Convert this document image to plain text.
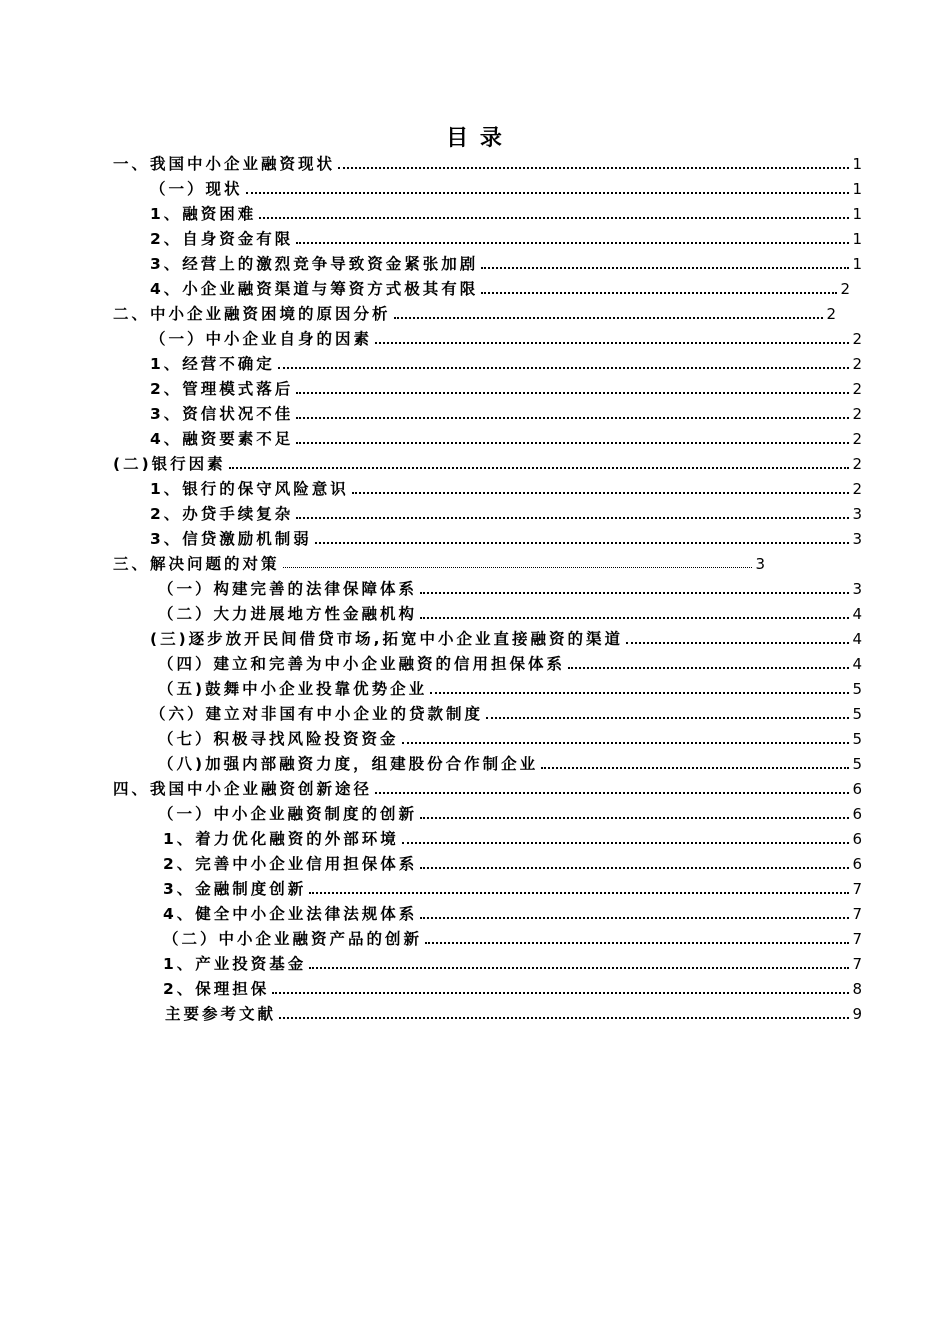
目 录
一、我国中小企业融资现状	1
（一）现状	1
1、融资困难	1
2、自身资金有限	1
3、经营上的激烈竞争导致资金紧张加剧	1
4、小企业融资渠道与筹资方式极其有限	2
二、中小企业融资困境的原因分析	2
（一）中小企业自身的因素	2
1、经营不确定	2
2、管理模式落后	2
3、资信状况不佳	2
4、融资要素不足	2
(二)银行因素	2
1、银行的保守风险意识	2
2、办贷手续复杂	3
3、信贷激励机制弱	3
三、解决问题的对策	3
（一）构建完善的法律保障体系	3
（二）大力进展地方性金融机构	4
(三)逐步放开民间借贷市场,拓宽中小企业直接融资的渠道	4
（四）建立和完善为中小企业融资的信用担保体系	4
（五)鼓舞中小企业投靠优势企业	5
（六）建立对非国有中小企业的贷款制度	5
（七）积极寻找风险投资资金	5
（八)加强内部融资力度，组建股份合作制企业	5
四、我国中小企业融资创新途径	6
（一）中小企业融资制度的创新	6
1、着力优化融资的外部环境	6
2、完善中小企业信用担保体系	6
3、金融制度创新	7
4、健全中小企业法律法规体系	7
（二）中小企业融资产品的创新	7
1、产业投资基金	7
2、保理担保	8
主要参考文献	9
